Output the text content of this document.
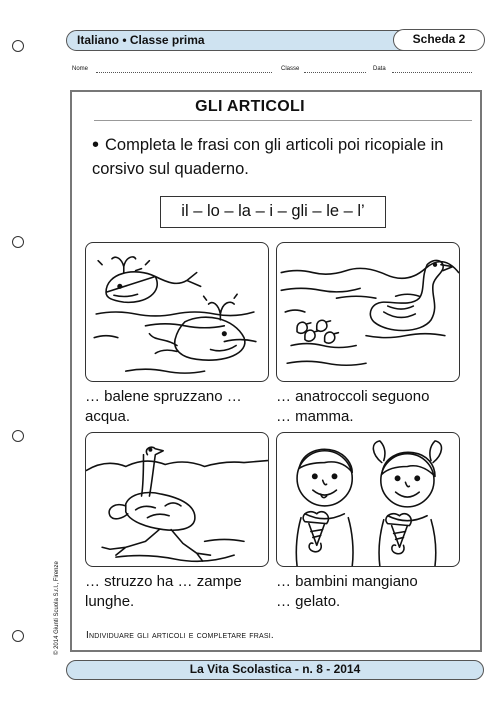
Italiano • Classe prima	Scheda 2
Nome	Classe	Data
GLI ARTICOLI
• Completa le frasi con gli articoli poi ricopiale in corsivo sul quaderno.
il – lo – la – i – gli – le – l’
… balene spruzzano …
acqua.
… anatroccoli seguono
… mamma.
… struzzo ha … zampe
lunghe.
… bambini mangiano
… gelato.
Individuare gli articoli e completare frasi.
© 2014 Giunti Scuola S.r.l., Firenze
La Vita Scolastica - n. 8 - 2014
